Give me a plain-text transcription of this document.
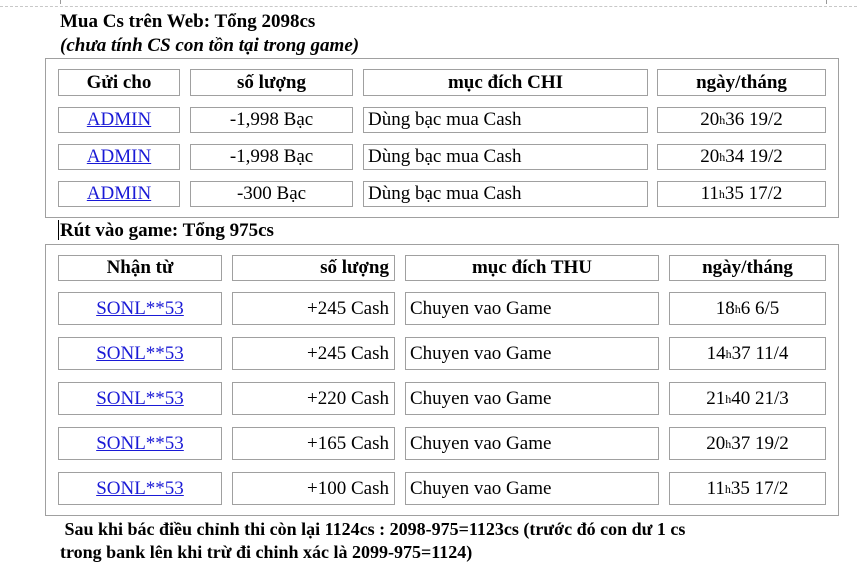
Mua Cs trên Web: Tổng 2098cs
(chưa tính CS con tồn tại trong game)
Gửi cho	số lượng	mục đích CHI	ngày/tháng
ADMIN	-1,998 Bạc	Dùng bạc mua Cash	20 h 36 19/2
ADMIN	-1,998 Bạc	Dùng bạc mua Cash	20 h 34 19/2
ADMIN	-300 Bạc	Dùng bạc mua Cash	11 h 35 17/2
Rút vào game: Tổng 975cs
Nhận từ	số lượng	mục đích THU	ngày/tháng
SONL**53	+245 Cash	Chuyen vao Game	18 h 6 6/5
SONL**53	+245 Cash	Chuyen vao Game	14 h 37 11/4
SONL**53	+220 Cash	Chuyen vao Game	21 h 40 21/3
SONL**53	+165 Cash	Chuyen vao Game	20 h 37 19/2
SONL**53	+100 Cash	Chuyen vao Game	11 h 35 17/2
Sau khi bác điều chỉnh thi còn lại 1124cs : 2098-975=1123cs (trước đó con dư 1 cs
trong bank lên khi trừ đi chinh xác là 2099-975=1124)
